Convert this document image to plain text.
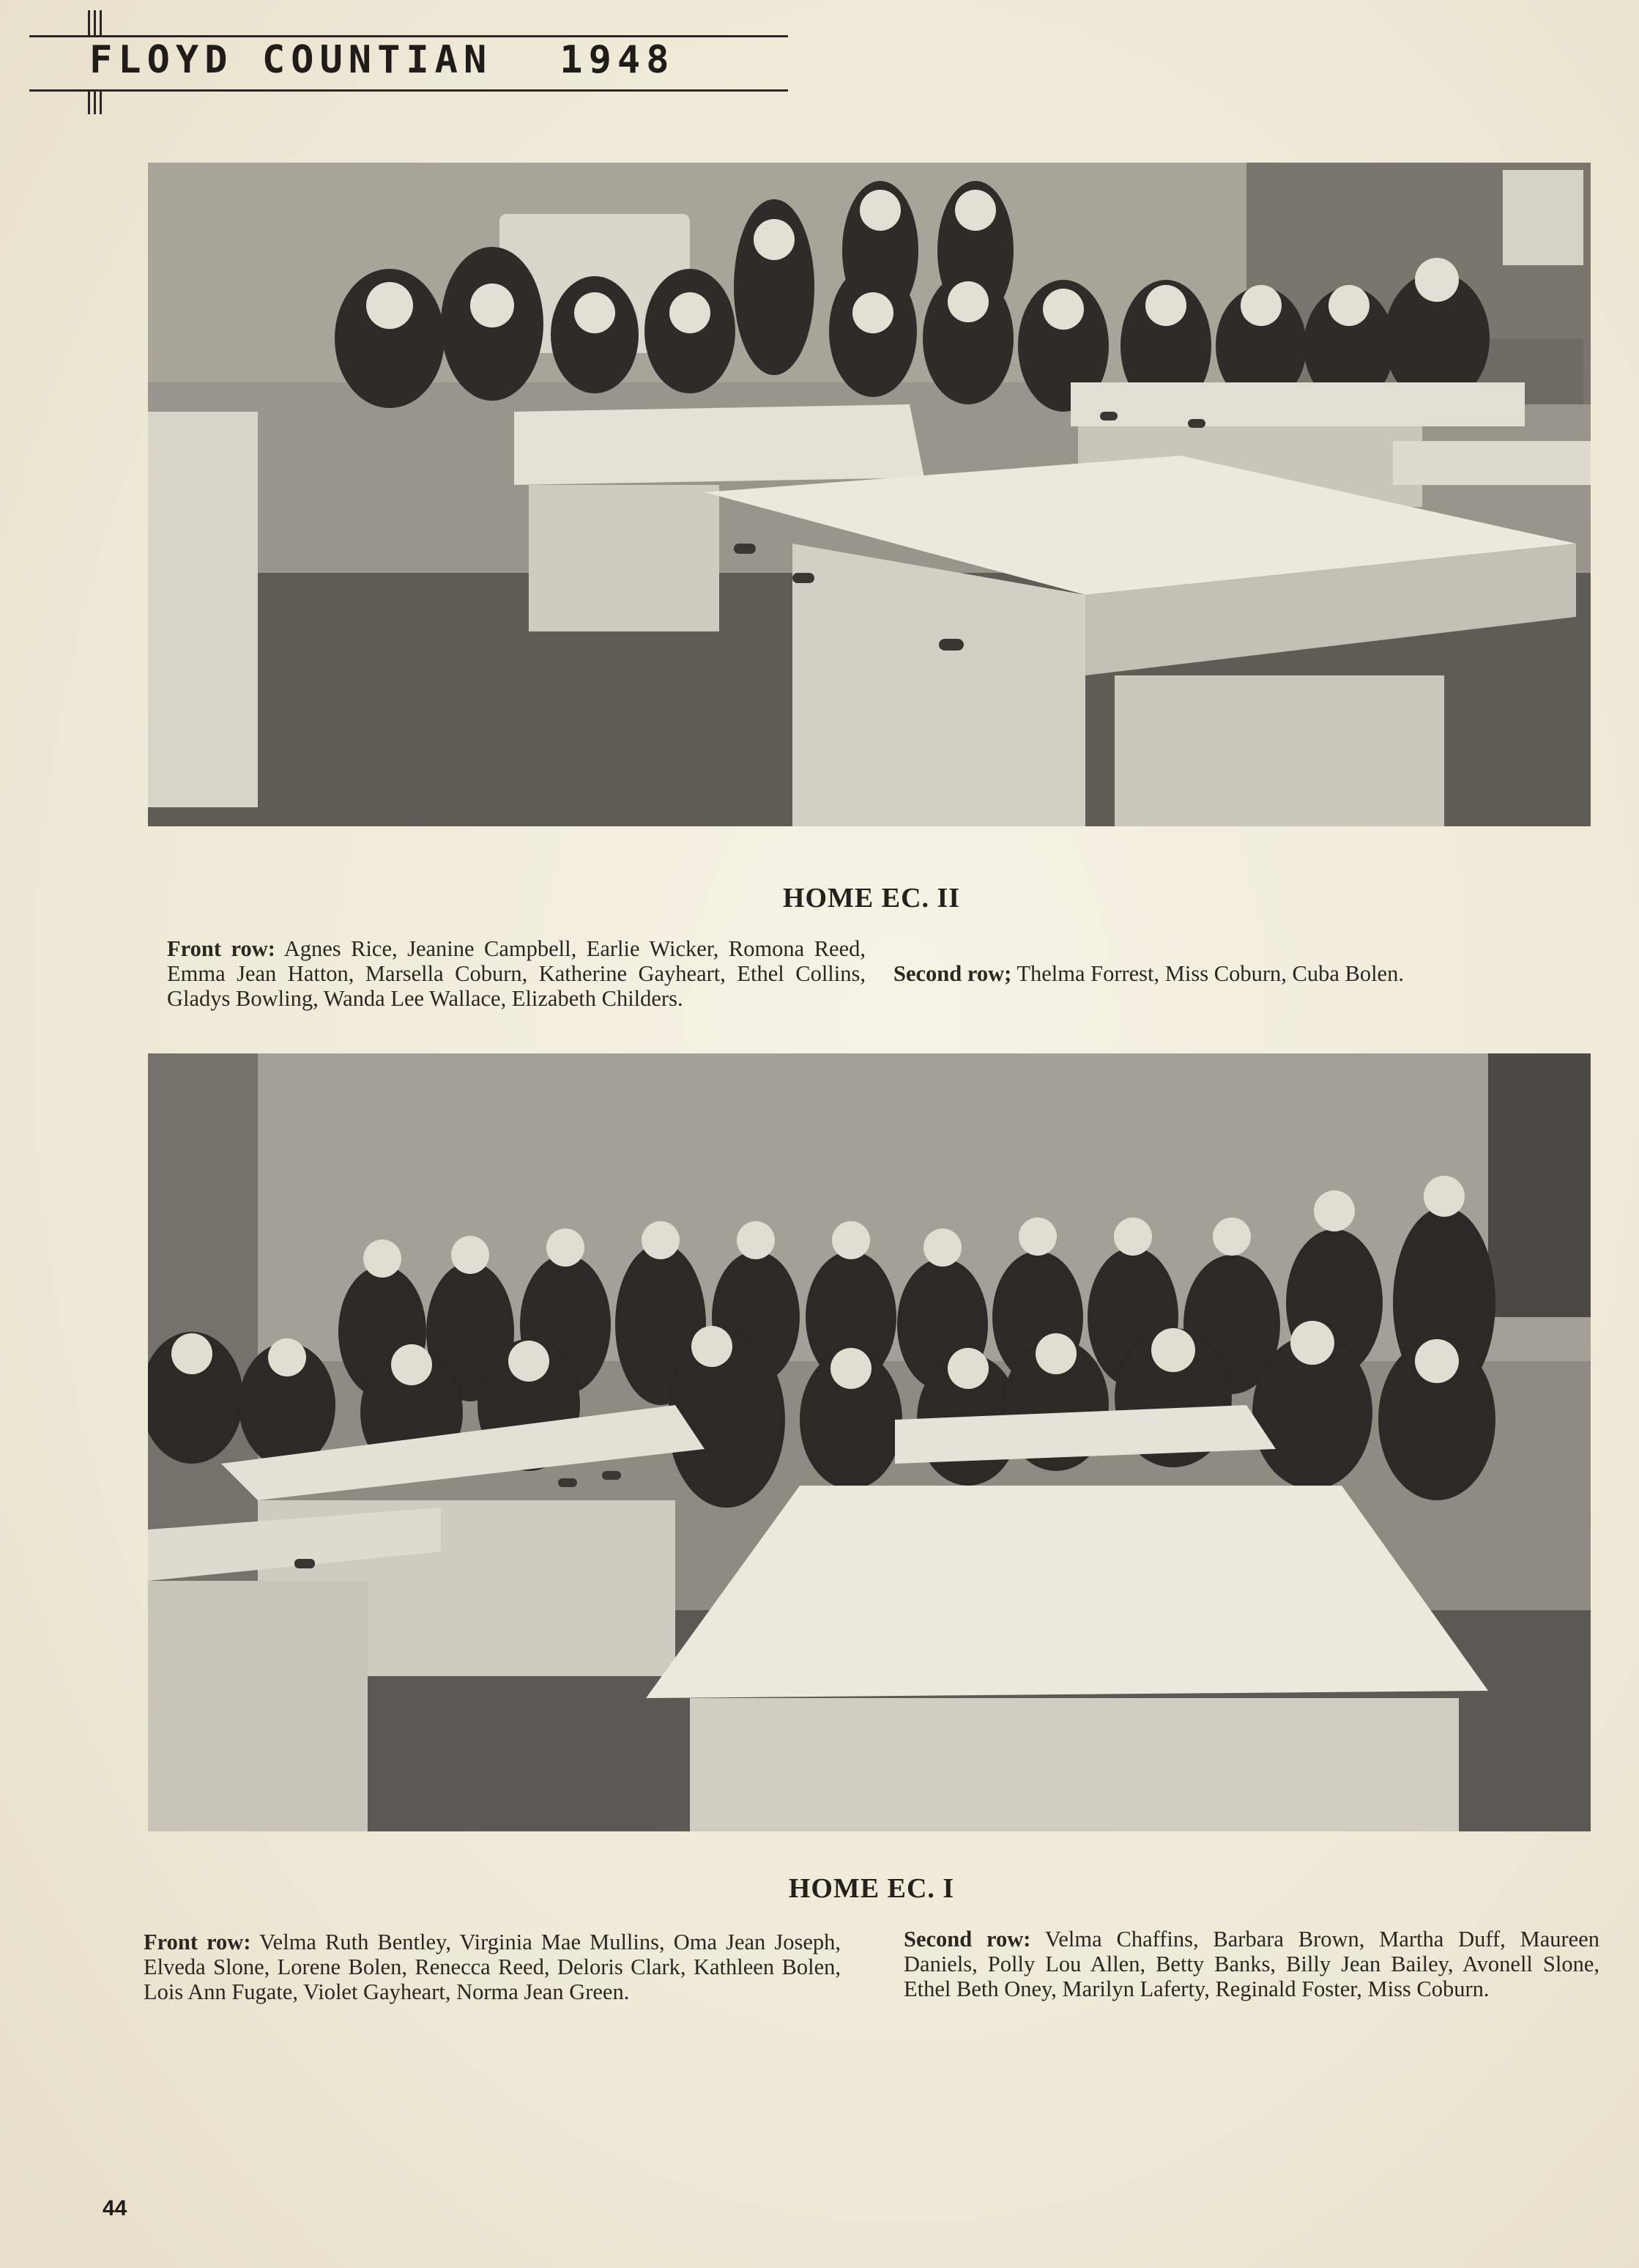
FLOYD COUNTIAN 1948
HOME EC. II
Front row: Agnes Rice, Jeanine Campbell, Earlie Wicker, Romona Reed, Emma Jean Hatton, Marsella Coburn, Katherine Gayheart, Ethel Collins, Gladys Bowling, Wanda Lee Wallace, Elizabeth Childers.
Second row; Thelma Forrest, Miss Coburn, Cuba Bolen.
HOME EC. I
Front row: Velma Ruth Bentley, Virginia Mae Mullins, Oma Jean Joseph, Elveda Slone, Lorene Bolen, Renecca Reed, Deloris Clark, Kathleen Bolen, Lois Ann Fugate, Violet Gayheart, Norma Jean Green.
Second row: Velma Chaffins, Barbara Brown, Martha Duff, Maureen Daniels, Polly Lou Allen, Betty Banks, Billy Jean Bailey, Avonell Slone, Ethel Beth Oney, Marilyn Laferty, Reginald Foster, Miss Coburn.
44
